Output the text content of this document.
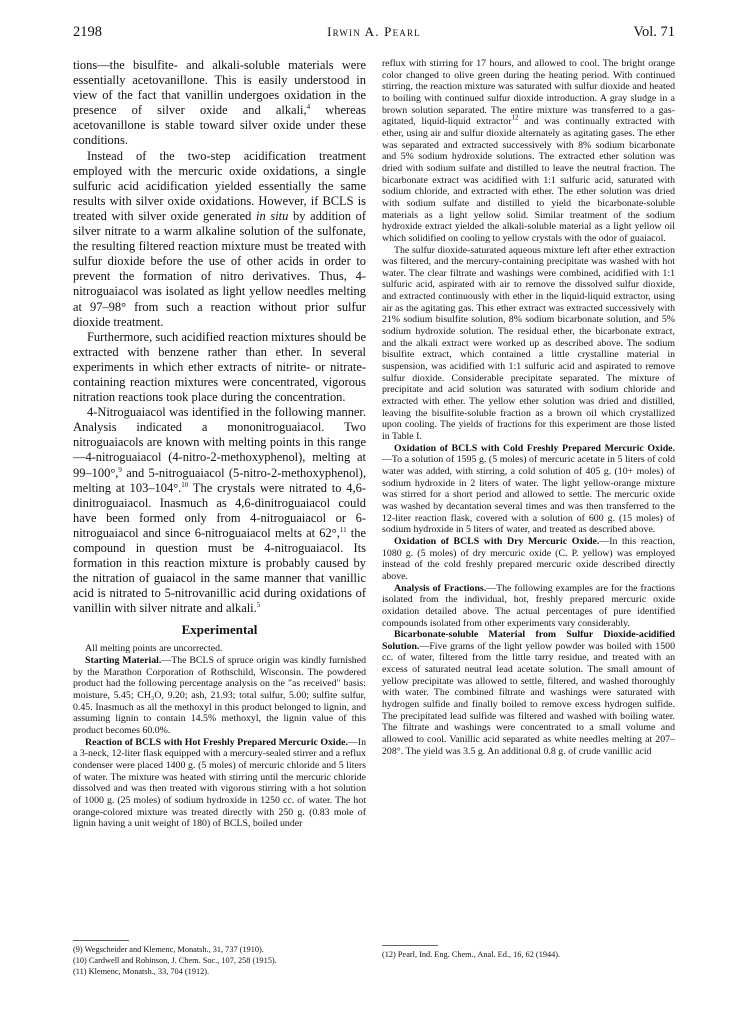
2198	Irwin A. Pearl	Vol. 71

tions—the bisulfite- and alkali-soluble materials were essentially acetovanillone. This is easily understood in view of the fact that vanillin undergoes oxidation in the presence of silver oxide and alkali,$^4$ whereas acetovanillone is stable toward silver oxide under these conditions.

Instead of the two-step acidification treatment employed with the mercuric oxide oxidations, a single sulfuric acid acidification yielded essentially the same results with silver oxide oxidations. However, if BCLS is treated with silver oxide generated in situ by addition of silver nitrate to a warm alkaline solution of the sulfonate, the resulting filtered reaction mixture must be treated with sulfur dioxide before the use of other acids in order to prevent the formation of nitro derivatives. Thus, 4-nitroguaiacol was isolated as light yellow needles melting at 97–98° from such a reaction without prior sulfur dioxide treatment.

Furthermore, such acidified reaction mixtures should be extracted with benzene rather than ether. In several experiments in which ether extracts of nitrite- or nitrate-containing reaction mixtures were concentrated, vigorous nitration reactions took place during the concentration.

4-Nitroguaiacol was identified in the following manner. Analysis indicated a mononitroguaiacol. Two nitroguaiacols are known with melting points in this range—4-nitroguaiacol (4-nitro-2-methoxyphenol), melting at 99–100°,$^9$ and 5-nitroguaiacol (5-nitro-2-methoxyphenol), melting at 103–104°.$^{10}$ The crystals were nitrated to 4,6-dinitroguaiacol. Inasmuch as 4,6-dinitroguaiacol could have been formed only from 4-nitroguaiacol or 6-nitroguaiacol and since 6-nitroguaiacol melts at 62°,$^{11}$ the compound in question must be 4-nitroguaiacol. Its formation in this reaction mixture is probably caused by the nitration of guaiacol in the same manner that vanillic acid is nitrated to 5-nitrovanillic acid during oxidations of vanillin with silver nitrate and alkali.$^5$

Experimental

All melting points are uncorrected.

Starting Material.—The BCLS of spruce origin was kindly furnished by the Marathon Corporation of Rothschild, Wisconsin. The powdered product had the following percentage analysis on the "as received" basis: moisture, 5.45; CH₃O, 9.20; ash, 21.93; total sulfur, 5.00; sulfite sulfur, 0.45. Inasmuch as all the methoxyl in this product belonged to lignin, and assuming lignin to contain 14.5% methoxyl, the lignin value of this product becomes 60.0%.

Reaction of BCLS with Hot Freshly Prepared Mercuric Oxide.—In a 3-neck, 12-liter flask equipped with a mercury-sealed stirrer and a reflux condenser were placed 1400 g. (5 moles) of mercuric chloride and 5 liters of water. The mixture was heated with stirring until the mercuric chloride dissolved and was then treated with vigorous stirring with a hot solution of 1000 g. (25 moles) of sodium hydroxide in 1250 cc. of water. The hot orange-colored mixture was treated directly with 250 g. (0.83 mole of lignin having a unit weight of 180) of BCLS, boiled under

(9) Wegscheider and Klemenc, Monatsh., 31, 737 (1910).
(10) Cardwell and Robinson, J. Chem. Soc., 107, 258 (1915).
(11) Klemenc, Monatsh., 33, 704 (1912).

reflux with stirring for 17 hours, and allowed to cool. The bright orange color changed to olive green during the heating period. With continued stirring, the reaction mixture was saturated with sulfur dioxide and heated to boiling with continued sulfur dioxide introduction. A gray sludge in a brown solution separated. The entire mixture was transferred to a gas-agitated, liquid-liquid extractor$^{12}$ and was continually extracted with ether, using air and sulfur dioxide alternately as agitating gases. The ether was separated and extracted successively with 8% sodium bicarbonate and 5% sodium hydroxide solutions. The extracted ether solution was dried with sodium sulfate and distilled to leave the neutral fraction. The bicarbonate extract was acidified with 1:1 sulfuric acid, saturated with sodium chloride, and extracted with ether. The ether solution was dried with sodium sulfate and distilled to yield the bicarbonate-soluble materials as a light yellow solid. Similar treatment of the sodium hydroxide extract yielded the alkali-soluble material as a light yellow oil which solidified on cooling to yellow crystals with the odor of guaiacol.

The sulfur dioxide-saturated aqueous mixture left after ether extraction was filtered, and the mercury-containing precipitate was washed with hot water. The clear filtrate and washings were combined, acidified with 1:1 sulfuric acid, aspirated with air to remove the dissolved sulfur dioxide, and extracted continuously with ether in the liquid-liquid extractor, using air as the agitating gas. This ether extract was extracted successively with 21% sodium bisulfite solution, 8% sodium bicarbonate solution, and 5% sodium hydroxide solution. The residual ether, the bicarbonate extract, and the alkali extract were worked up as described above. The sodium bisulfite extract, which contained a little crystalline material in suspension, was acidified with 1:1 sulfuric acid and aspirated to remove sulfur dioxide. Considerable precipitate separated. The mixture of precipitate and acid solution was saturated with sodium chloride and extracted with ether. The yellow ether solution was dried and distilled, leaving the bisulfite-soluble fraction as a brown oil which crystallized upon cooling. The yields of fractions for this experiment are those listed in Table I.

Oxidation of BCLS with Cold Freshly Prepared Mercuric Oxide.—To a solution of 1595 g. (5 moles) of mercuric acetate in 5 liters of cold water was added, with stirring, a cold solution of 405 g. (10+ moles) of sodium hydroxide in 2 liters of water. The light yellow-orange mixture was stirred for a short period and allowed to settle. The mercuric oxide was washed by decantation several times and was then transferred to the 12-liter reaction flask, covered with a solution of 600 g. (15 moles) of sodium hydroxide in 5 liters of water, and treated as described above.

Oxidation of BCLS with Dry Mercuric Oxide.—In this reaction, 1080 g. (5 moles) of dry mercuric oxide (C. P. yellow) was employed instead of the cold freshly prepared mercuric oxide described directly above.

Analysis of Fractions.—The following examples are for the fractions isolated from the individual, hot, freshly prepared mercuric oxide oxidation detailed above. The actual percentages of pure identified compounds isolated from other experiments vary considerably.

Bicarbonate-soluble Material from Sulfur Dioxide-acidified Solution.—Five grams of the light yellow powder was boiled with 1500 cc. of water, filtered from the little tarry residue, and treated with an excess of saturated neutral lead acetate solution. The small amount of yellow precipitate was allowed to settle, filtered, and washed thoroughly with water. The combined filtrate and washings were saturated with hydrogen sulfide and finally boiled to remove excess hydrogen sulfide. The precipitated lead sulfide was filtered and washed with boiling water. The filtrate and washings were concentrated to a small volume and allowed to cool. Vanillic acid separated as white needles melting at 207–208°. The yield was 3.5 g. An additional 0.8 g. of crude vanillic acid

(12) Pearl, Ind. Eng. Chem., Anal. Ed., 16, 62 (1944).
